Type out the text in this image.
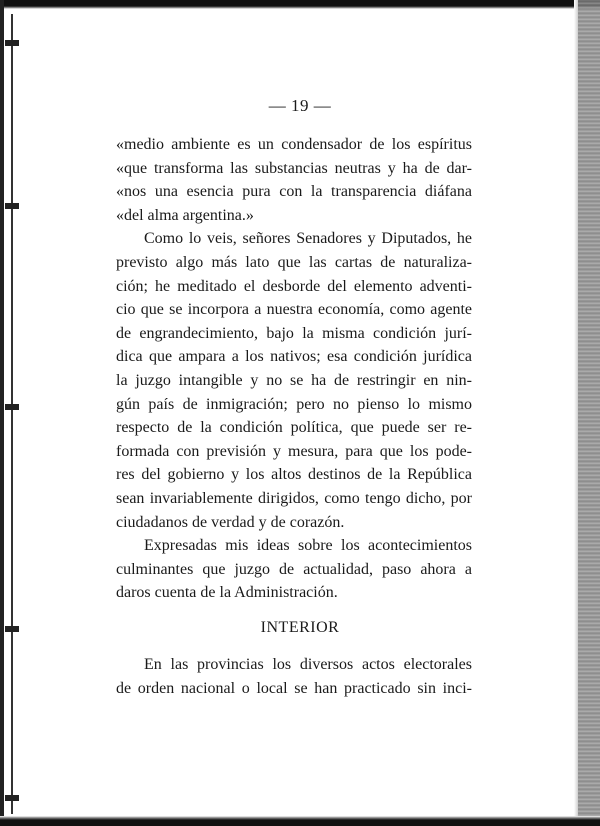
— 19 —
«medio ambiente es un condensador de los espíritus
«que transforma las substancias neutras y ha de dar-
«nos una esencia pura con la transparencia diáfana
«del alma argentina.»
Como lo veis, señores Senadores y Diputados, he
previsto algo más lato que las cartas de naturaliza-
ción; he meditado el desborde del elemento adventi-
cio que se incorpora a nuestra economía, como agente
de engrandecimiento, bajo la misma condición jurí-
dica que ampara a los nativos; esa condición jurídica
la juzgo intangible y no se ha de restringir en nin-
gún país de inmigración; pero no pienso lo mismo
respecto de la condición política, que puede ser re-
formada con previsión y mesura, para que los pode-
res del gobierno y los altos destinos de la República
sean invariablemente dirigidos, como tengo dicho, por
ciudadanos de verdad y de corazón.
Expresadas mis ideas sobre los acontecimientos
culminantes que juzgo de actualidad, paso ahora a
daros cuenta de la Administración.
INTERIOR
En las provincias los diversos actos electorales
de orden nacional o local se han practicado sin inci-
